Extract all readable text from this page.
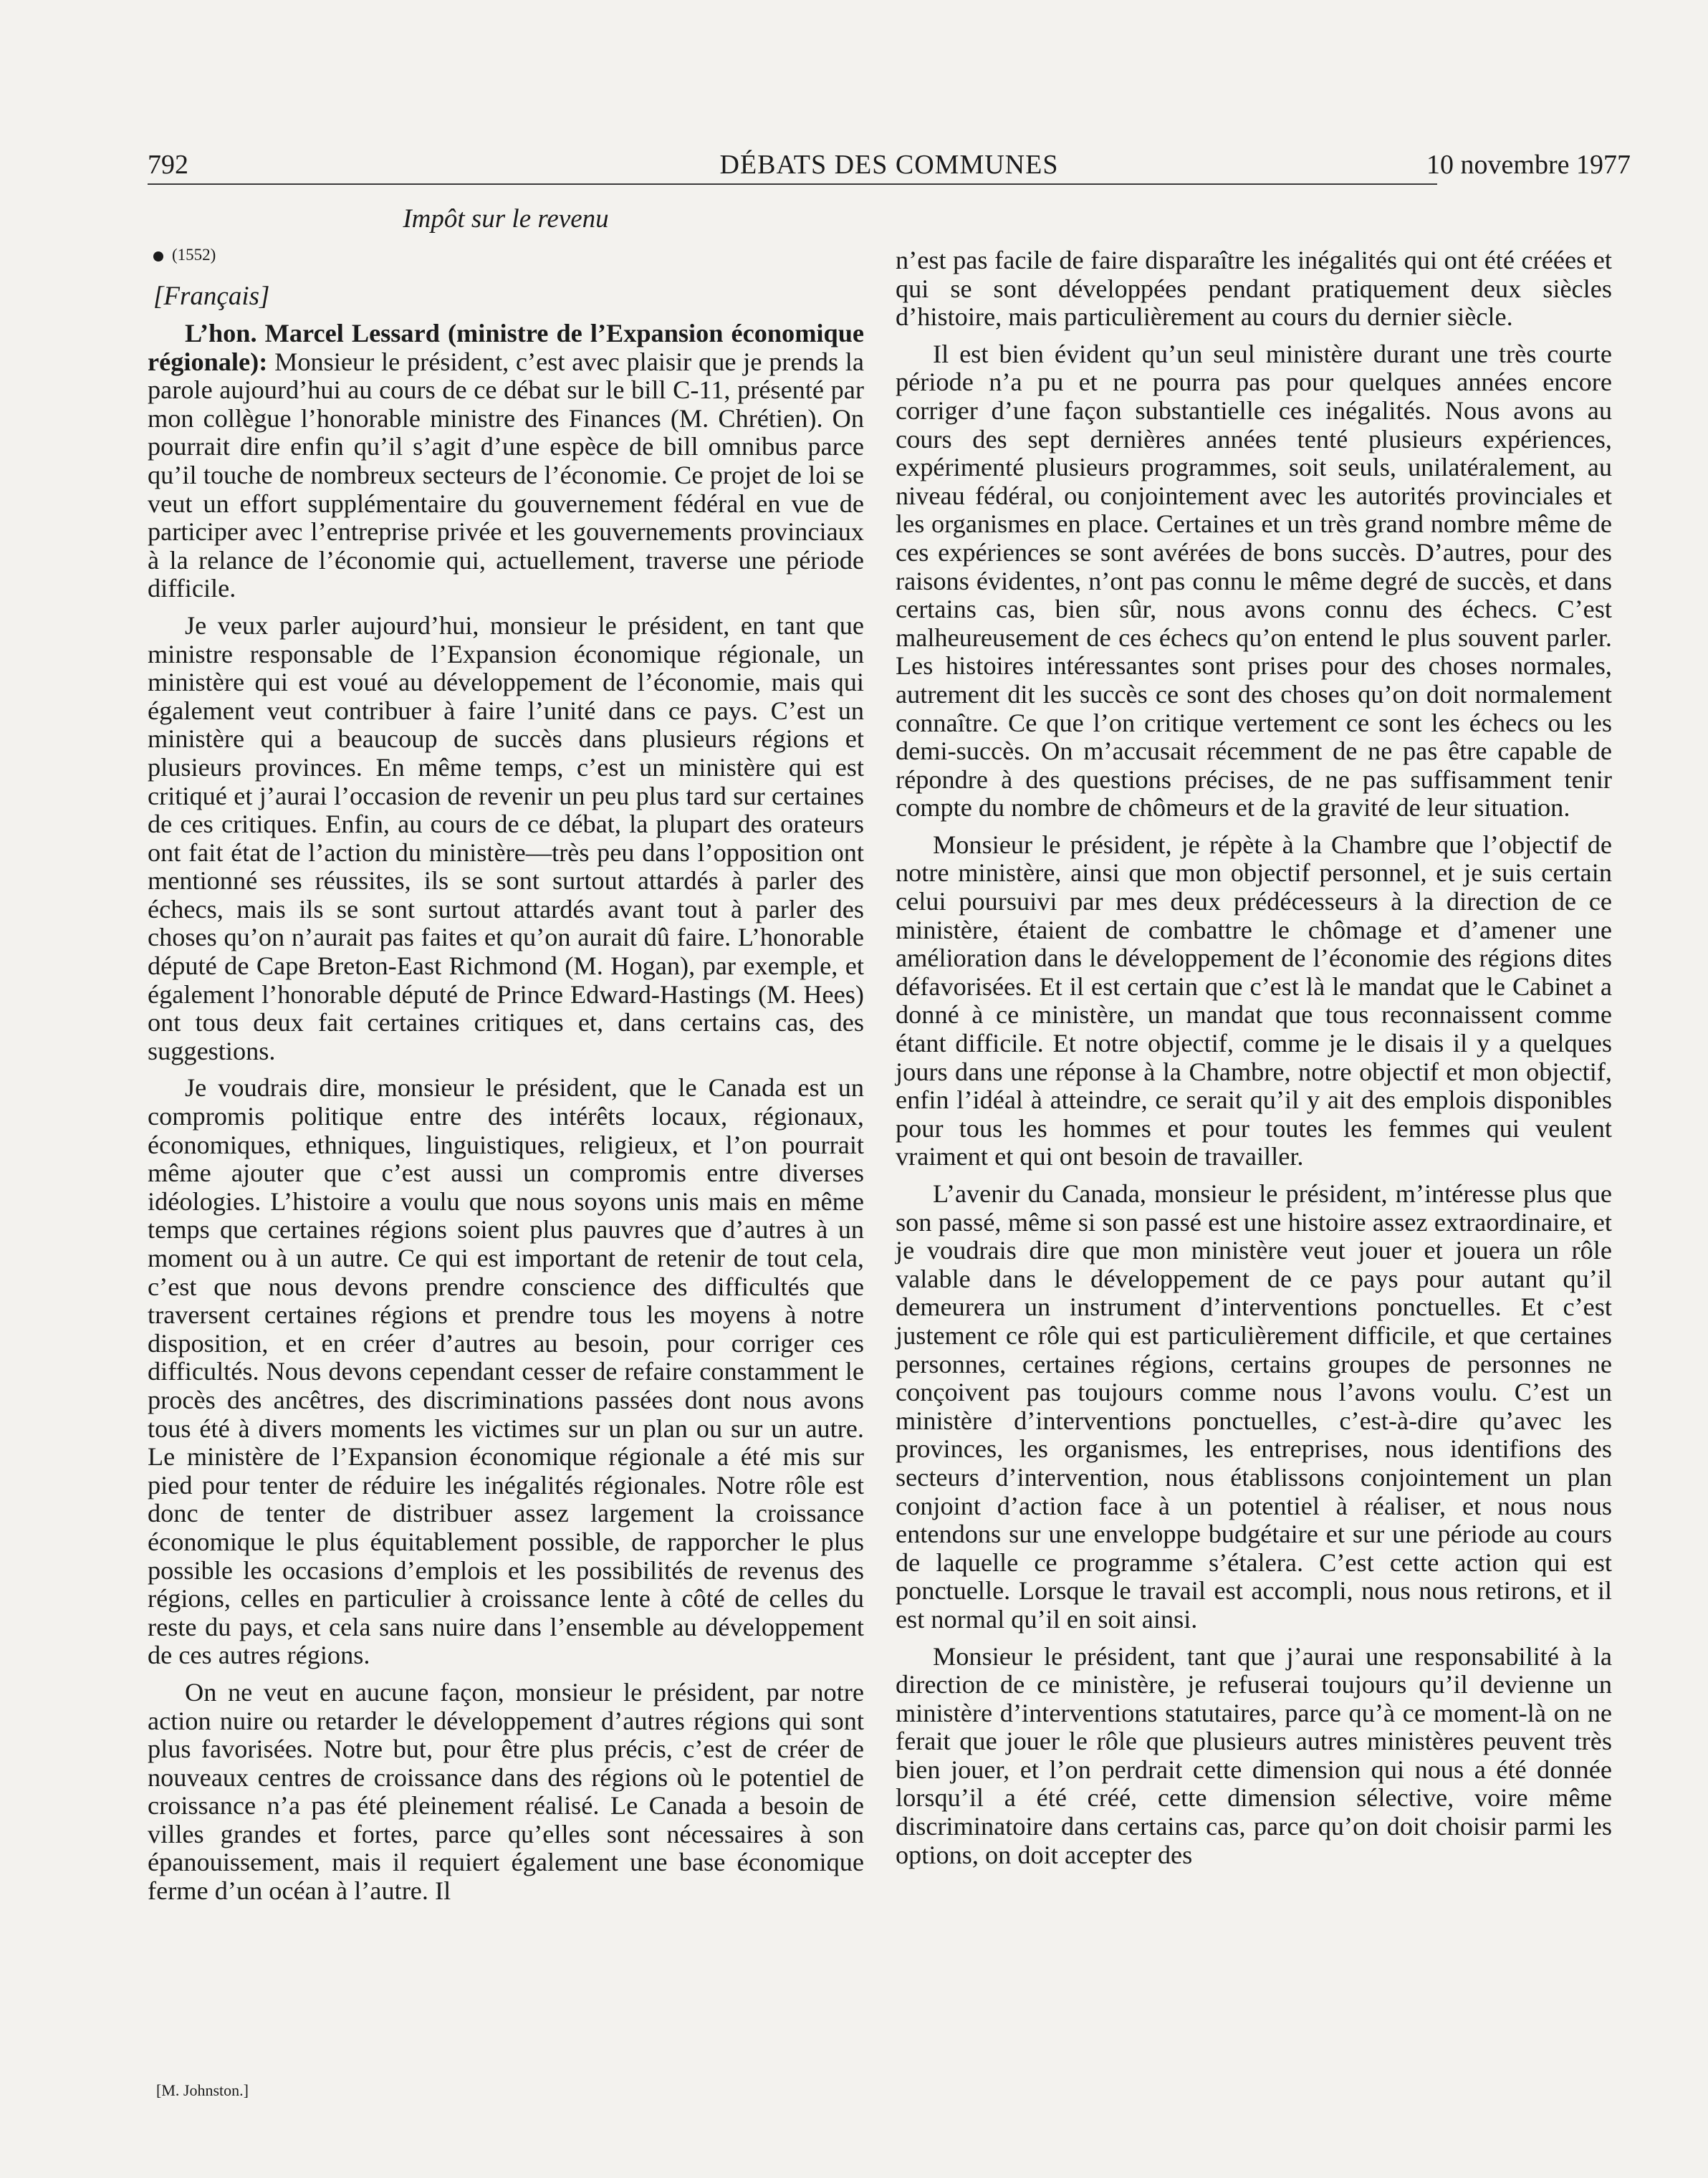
792	DÉBATS DES COMMUNES	10 novembre 1977
Impôt sur le revenu
(1552)
[Français]

L’hon. Marcel Lessard (ministre de l’Expansion économique régionale): Monsieur le président, c’est avec plaisir que je prends la parole aujourd’hui au cours de ce débat sur le bill C-11, présenté par mon collègue l’honorable ministre des Finances (M. Chrétien). On pourrait dire enfin qu’il s’agit d’une espèce de bill omnibus parce qu’il touche de nombreux secteurs de l’économie. Ce projet de loi se veut un effort supplémentaire du gouvernement fédéral en vue de participer avec l’entreprise privée et les gouvernements provinciaux à la relance de l’économie qui, actuellement, traverse une période difficile.

Je veux parler aujourd’hui, monsieur le président, en tant que ministre responsable de l’Expansion économique régionale, un ministère qui est voué au développement de l’économie, mais qui également veut contribuer à faire l’unité dans ce pays. C’est un ministère qui a beaucoup de succès dans plusieurs régions et plusieurs provinces. En même temps, c’est un ministère qui est critiqué et j’aurai l’occasion de revenir un peu plus tard sur certaines de ces critiques. Enfin, au cours de ce débat, la plupart des orateurs ont fait état de l’action du ministère—très peu dans l’opposition ont mentionné ses réussites, ils se sont surtout attardés à parler des échecs, mais ils se sont surtout attardés avant tout à parler des choses qu’on n’aurait pas faites et qu’on aurait dû faire. L’honorable député de Cape Breton-East Richmond (M. Hogan), par exemple, et également l’honorable député de Prince Edward-Hastings (M. Hees) ont tous deux fait certaines critiques et, dans certains cas, des suggestions.

Je voudrais dire, monsieur le président, que le Canada est un compromis politique entre des intérêts locaux, régionaux, économiques, ethniques, linguistiques, religieux, et l’on pourrait même ajouter que c’est aussi un compromis entre diverses idéologies. L’histoire a voulu que nous soyons unis mais en même temps que certaines régions soient plus pauvres que d’autres à un moment ou à un autre. Ce qui est important de retenir de tout cela, c’est que nous devons prendre conscience des difficultés que traversent certaines régions et prendre tous les moyens à notre disposition, et en créer d’autres au besoin, pour corriger ces difficultés. Nous devons cependant cesser de refaire constamment le procès des ancêtres, des discriminations passées dont nous avons tous été à divers moments les victimes sur un plan ou sur un autre. Le ministère de l’Expansion économique régionale a été mis sur pied pour tenter de réduire les inégalités régionales. Notre rôle est donc de tenter de distribuer assez largement la croissance économique le plus équitablement possible, de rapporcher le plus possible les occasions d’emplois et les possibilités de revenus des régions, celles en particulier à croissance lente à côté de celles du reste du pays, et cela sans nuire dans l’ensemble au développement de ces autres régions.

On ne veut en aucune façon, monsieur le président, par notre action nuire ou retarder le développement d’autres régions qui sont plus favorisées. Notre but, pour être plus précis, c’est de créer de nouveaux centres de croissance dans des régions où le potentiel de croissance n’a pas été pleinement réalisé. Le Canada a besoin de villes grandes et fortes, parce qu’elles sont nécessaires à son épanouissement, mais il requiert également une base économique ferme d’un océan à l’autre. Il

n’est pas facile de faire disparaître les inégalités qui ont été créées et qui se sont développées pendant pratiquement deux siècles d’histoire, mais particulièrement au cours du dernier siècle.

Il est bien évident qu’un seul ministère durant une très courte période n’a pu et ne pourra pas pour quelques années encore corriger d’une façon substantielle ces inégalités. Nous avons au cours des sept dernières années tenté plusieurs expériences, expérimenté plusieurs programmes, soit seuls, unilatéralement, au niveau fédéral, ou conjointement avec les autorités provinciales et les organismes en place. Certaines et un très grand nombre même de ces expériences se sont avérées de bons succès. D’autres, pour des raisons évidentes, n’ont pas connu le même degré de succès, et dans certains cas, bien sûr, nous avons connu des échecs. C’est malheureusement de ces échecs qu’on entend le plus souvent parler. Les histoires intéressantes sont prises pour des choses normales, autrement dit les succès ce sont des choses qu’on doit normalement connaître. Ce que l’on critique vertement ce sont les échecs ou les demi-succès. On m’accusait récemment de ne pas être capable de répondre à des questions précises, de ne pas suffisamment tenir compte du nombre de chômeurs et de la gravité de leur situation.

Monsieur le président, je répète à la Chambre que l’objectif de notre ministère, ainsi que mon objectif personnel, et je suis certain celui poursuivi par mes deux prédécesseurs à la direction de ce ministère, étaient de combattre le chômage et d’amener une amélioration dans le développement de l’économie des régions dites défavorisées. Et il est certain que c’est là le mandat que le Cabinet a donné à ce ministère, un mandat que tous reconnaissent comme étant difficile. Et notre objectif, comme je le disais il y a quelques jours dans une réponse à la Chambre, notre objectif et mon objectif, enfin l’idéal à atteindre, ce serait qu’il y ait des emplois disponibles pour tous les hommes et pour toutes les femmes qui veulent vraiment et qui ont besoin de travailler.

L’avenir du Canada, monsieur le président, m’intéresse plus que son passé, même si son passé est une histoire assez extraordinaire, et je voudrais dire que mon ministère veut jouer et jouera un rôle valable dans le développement de ce pays pour autant qu’il demeurera un instrument d’interventions ponctuelles. Et c’est justement ce rôle qui est particulièrement difficile, et que certaines personnes, certaines régions, certains groupes de personnes ne conçoivent pas toujours comme nous l’avons voulu. C’est un ministère d’interventions ponctuelles, c’est-à-dire qu’avec les provinces, les organismes, les entreprises, nous identifions des secteurs d’intervention, nous établissons conjointement un plan conjoint d’action face à un potentiel à réaliser, et nous nous entendons sur une enveloppe budgétaire et sur une période au cours de laquelle ce programme s’étalera. C’est cette action qui est ponctuelle. Lorsque le travail est accompli, nous nous retirons, et il est normal qu’il en soit ainsi.

Monsieur le président, tant que j’aurai une responsabilité à la direction de ce ministère, je refuserai toujours qu’il devienne un ministère d’interventions statutaires, parce qu’à ce moment-là on ne ferait que jouer le rôle que plusieurs autres ministères peuvent très bien jouer, et l’on perdrait cette dimension qui nous a été donnée lorsqu’il a été créé, cette dimension sélective, voire même discriminatoire dans certains cas, parce qu’on doit choisir parmi les options, on doit accepter des

[M. Johnston.]
